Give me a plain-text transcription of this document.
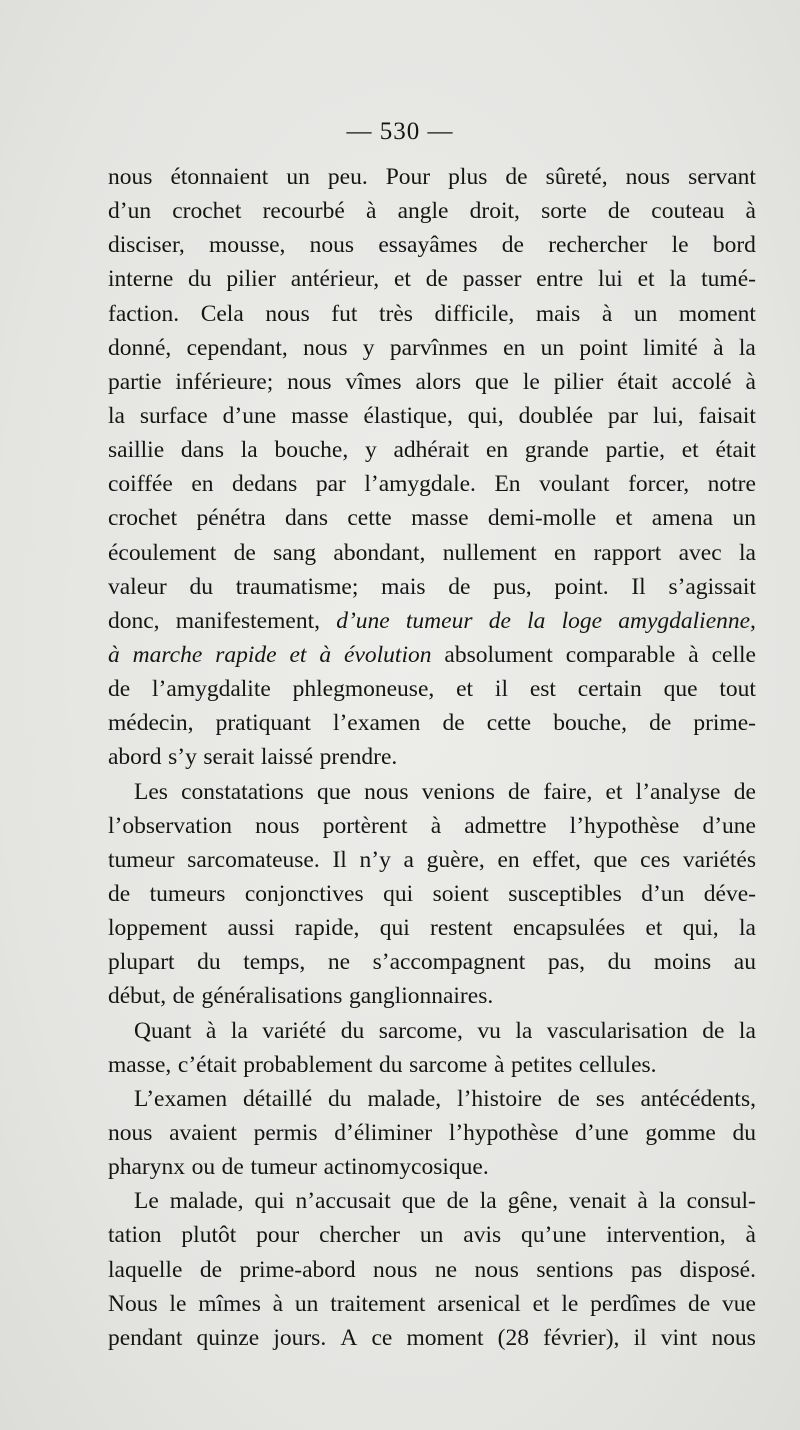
— 530 —
nous étonnaient un peu. Pour plus de sûreté, nous servant
d’un crochet recourbé à angle droit, sorte de couteau à
disciser, mousse, nous essayâmes de rechercher le bord
interne du pilier antérieur, et de passer entre lui et la tumé-
faction. Cela nous fut très difficile, mais à un moment
donné, cependant, nous y parvînmes en un point limité à la
partie inférieure; nous vîmes alors que le pilier était accolé à
la surface d’une masse élastique, qui, doublée par lui, faisait
saillie dans la bouche, y adhérait en grande partie, et était
coiffée en dedans par l’amygdale. En voulant forcer, notre
crochet pénétra dans cette masse demi-molle et amena un
écoulement de sang abondant, nullement en rapport avec la
valeur du traumatisme; mais de pus, point. Il s’agissait
donc, manifestement, d’une tumeur de la loge amygdalienne,
à marche rapide et à évolution absolument comparable à celle
de l’amygdalite phlegmoneuse, et il est certain que tout
médecin, pratiquant l’examen de cette bouche, de prime-
abord s’y serait laissé prendre.
Les constatations que nous venions de faire, et l’analyse de
l’observation nous portèrent à admettre l’hypothèse d’une
tumeur sarcomateuse. Il n’y a guère, en effet, que ces variétés
de tumeurs conjonctives qui soient susceptibles d’un déve-
loppement aussi rapide, qui restent encapsulées et qui, la
plupart du temps, ne s’accompagnent pas, du moins au
début, de généralisations ganglionnaires.
Quant à la variété du sarcome, vu la vascularisation de la
masse, c’était probablement du sarcome à petites cellules.
L’examen détaillé du malade, l’histoire de ses antécédents,
nous avaient permis d’éliminer l’hypothèse d’une gomme du
pharynx ou de tumeur actinomycosique.
Le malade, qui n’accusait que de la gêne, venait à la consul-
tation plutôt pour chercher un avis qu’une intervention, à
laquelle de prime-abord nous ne nous sentions pas disposé.
Nous le mîmes à un traitement arsenical et le perdîmes de vue
pendant quinze jours. A ce moment (28 février), il vint nous
